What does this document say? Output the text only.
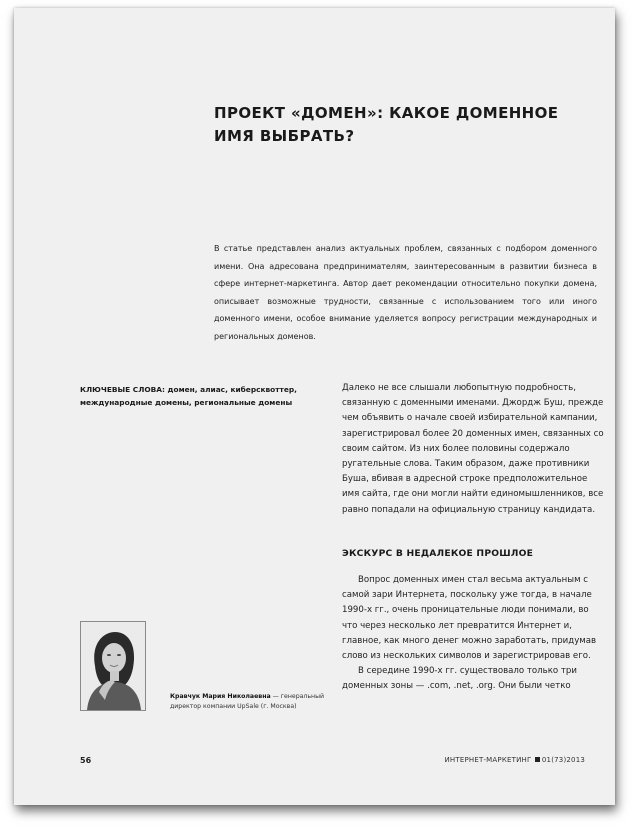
ПРОЕКТ «ДОМЕН»: КАКОЕ ДОМЕННОЕ ИМЯ ВЫБРАТЬ?

В статье представлен анализ актуальных проблем, связанных с подбором доменного имени. Она адресована предпринимателям, заинтересованным в развитии бизнеса в сфере интернет-маркетинга. Автор дает рекомендации относительно покупки домена, описывает возможные трудности, связанные с использованием того или иного доменного имени, особое внимание уделяется вопросу регистрации международных и региональных доменов.

КЛЮЧЕВЫЕ СЛОВА: домен, алиас, киберсквоттер, международные домены, региональные домены

Далеко не все слышали любопытную подробность, связанную с доменными именами. Джордж Буш, прежде чем объявить о начале своей избирательной кампании, зарегистрировал более 20 доменных имен, связанных со своим сайтом. Из них более половины содержало ругательные слова. Таким образом, даже противники Буша, вбивая в адресной строке предположительное имя сайта, где они могли найти единомышленников, все равно попадали на официальную страницу кандидата.

ЭКСКУРС В НЕДАЛЕКОЕ ПРОШЛОЕ

Вопрос доменных имен стал весьма актуальным с самой зари Интернета, поскольку уже тогда, в начале 1990-х гг., очень проницательные люди понимали, во что через несколько лет превратится Интернет и, главное, как много денег можно заработать, придумав слово из нескольких символов и зарегистрировав его.

В середине 1990-х гг. существовало только три доменных зоны — .com, .net, .org. Они были четко

Кравчук Мария Николаевна — генеральный директор компании UpSale (г. Москва)

56	ИНТЕРНЕТ-МАРКЕТИНГ 01(73)2013
